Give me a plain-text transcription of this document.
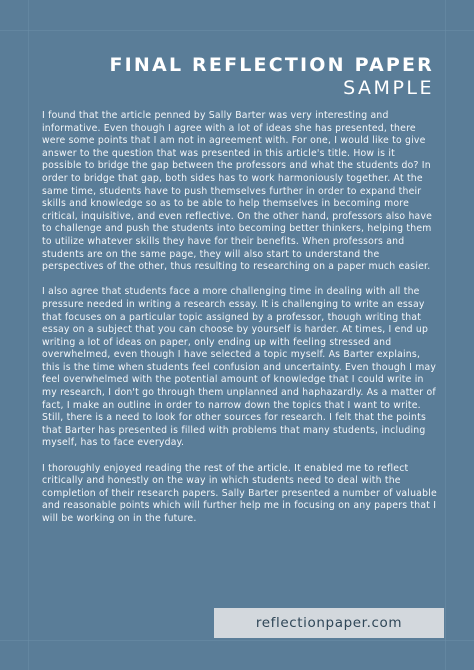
FINAL REFLECTION PAPER
SAMPLE

I found that the article penned by Sally Barter was very interesting and informative. Even though I agree with a lot of ideas she has presented, there were some points that I am not in agreement with. For one, I would like to give answer to the question that was presented in this article's title. How is it possible to bridge the gap between the professors and what the students do? In order to bridge that gap, both sides has to work harmoniously together. At the same time, students have to push themselves further in order to expand their skills and knowledge so as to be able to help themselves in becoming more critical, inquisitive, and even reflective. On the other hand, professors also have to challenge and push the students into becoming better thinkers, helping them to utilize whatever skills they have for their benefits. When professors and students are on the same page, they will also start to understand the perspectives of the other, thus resulting to researching on a paper much easier.

I also agree that students face a more challenging time in dealing with all the pressure needed in writing a research essay. It is challenging to write an essay that focuses on a particular topic assigned by a professor, though writing that essay on a subject that you can choose by yourself is harder. At times, I end up writing a lot of ideas on paper, only ending up with feeling stressed and overwhelmed, even though I have selected a topic myself. As Barter explains, this is the time when students feel confusion and uncertainty. Even though I may feel overwhelmed with the potential amount of knowledge that I could write in my research, I don't go through them unplanned and haphazardly. As a matter of fact, I make an outline in order to narrow down the topics that I want to write. Still, there is a need to look for other sources for research. I felt that the points that Barter has presented is filled with problems that many students, including myself, has to face everyday.

I thoroughly enjoyed reading the rest of the article. It enabled me to reflect critically and honestly on the way in which students need to deal with the completion of their research papers. Sally Barter presented a number of valuable and reasonable points which will further help me in focusing on any papers that I will be working on in the future.

reflectionpaper.com
